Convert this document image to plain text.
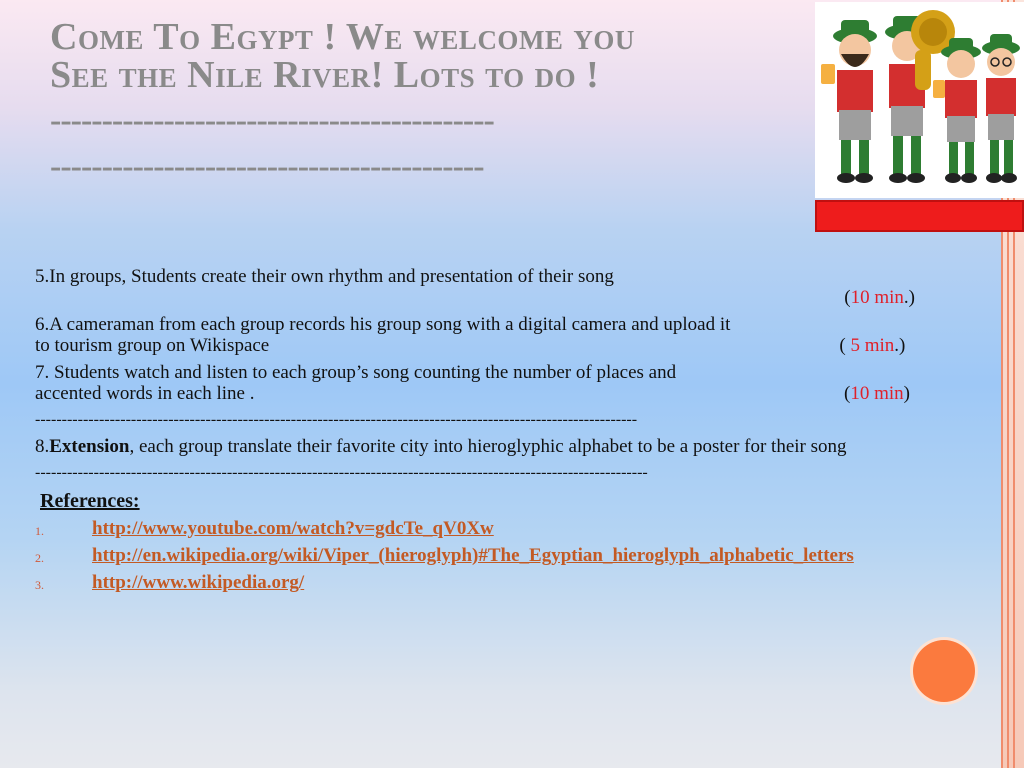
Come To Egypt ! We welcome you
See the Nile River! Lots to do !
-------------------------------------------
------------------------------------------
5.In groups, Students create their own rhythm and presentation of their song
(10 min.)
6.A cameraman from each group records his group song with a digital camera and upload it
to tourism group on Wikispace	( 5 min.)
7. Students watch and listen to each group’s song counting the number of places and
accented words in each line .	(10 min)
-----------------------------------------------------------------------------------------------------------------
8.Extension, each group translate their favorite city into hieroglyphic alphabet to be a poster for their song
-------------------------------------------------------------------------------------------------------------------
References:
1.	http://www.youtube.com/watch?v=gdcTe_qV0Xw
2.	http://en.wikipedia.org/wiki/Viper_(hieroglyph)#The_Egyptian_hieroglyph_alphabetic_letters
3.	http://www.wikipedia.org/
